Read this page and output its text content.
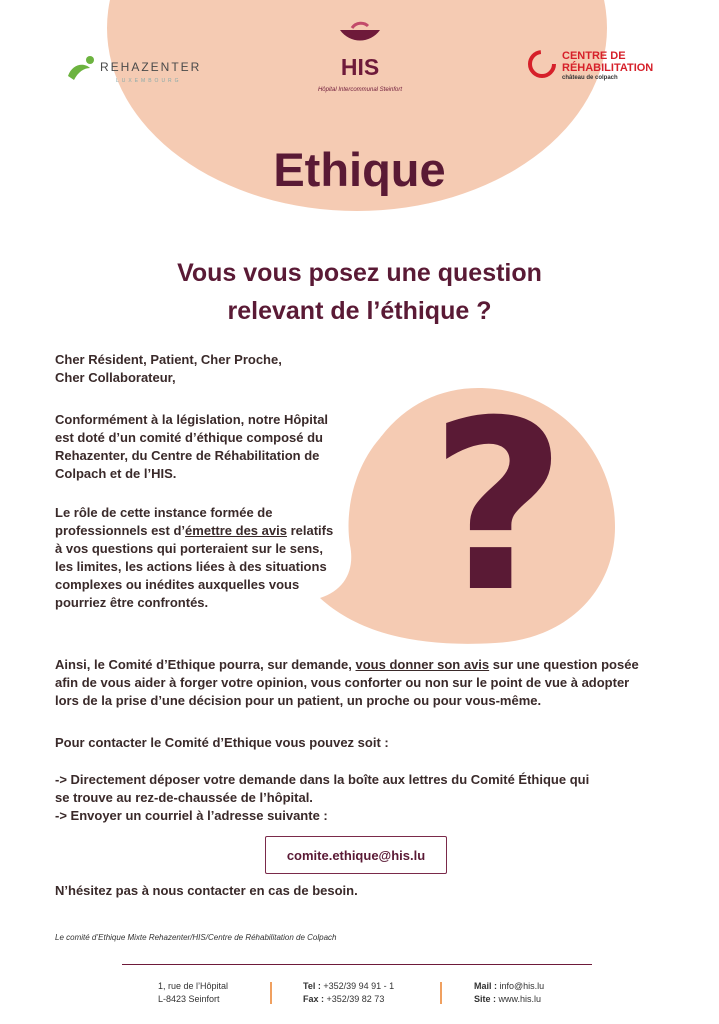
REHAZENTER
LUXEMBOURG
HIS
Hôpital Intercommunal Steinfort
CENTRE DE
RÉHABILITATION
château de colpach
Ethique
Vous vous posez une question
relevant de l’éthique ?
Cher Résident, Patient, Cher Proche,
Cher Collaborateur,
Conformément à la législation, notre Hôpital
est doté d’un comité d’éthique composé du
Rehazenter, du Centre de Réhabilitation de
Colpach et de l’HIS.
Le rôle de cette instance formée de
professionnels est d’émettre des avis relatifs
à vos questions qui porteraient sur le sens,
les limites, les actions liées à des situations
complexes ou inédites auxquelles vous
pourriez être confrontés. ?
Ainsi, le Comité d’Ethique pourra, sur demande, vous donner son avis sur une question posée
afin de vous aider à forger votre opinion, vous conforter ou non sur le point de vue à adopter
lors de la prise d’une décision pour un patient, un proche ou pour vous-même.
Pour contacter le Comité d’Ethique vous pouvez soit :
-> Directement déposer votre demande dans la boîte aux lettres du Comité Éthique qui
se trouve au rez-de-chaussée de l’hôpital.
-> Envoyer un courriel à l’adresse suivante :
comite.ethique@his.lu
N’hésitez pas à nous contacter en cas de besoin.
Le comité d’Ethique Mixte Rehazenter/HIS/Centre de Réhabilitation de Colpach
1, rue de l’Hôpital
L-8423 Seinfort
Tel : +352/39 94 91 - 1
Fax : +352/39 82 73
Mail : info@his.lu
Site : www.his.lu
